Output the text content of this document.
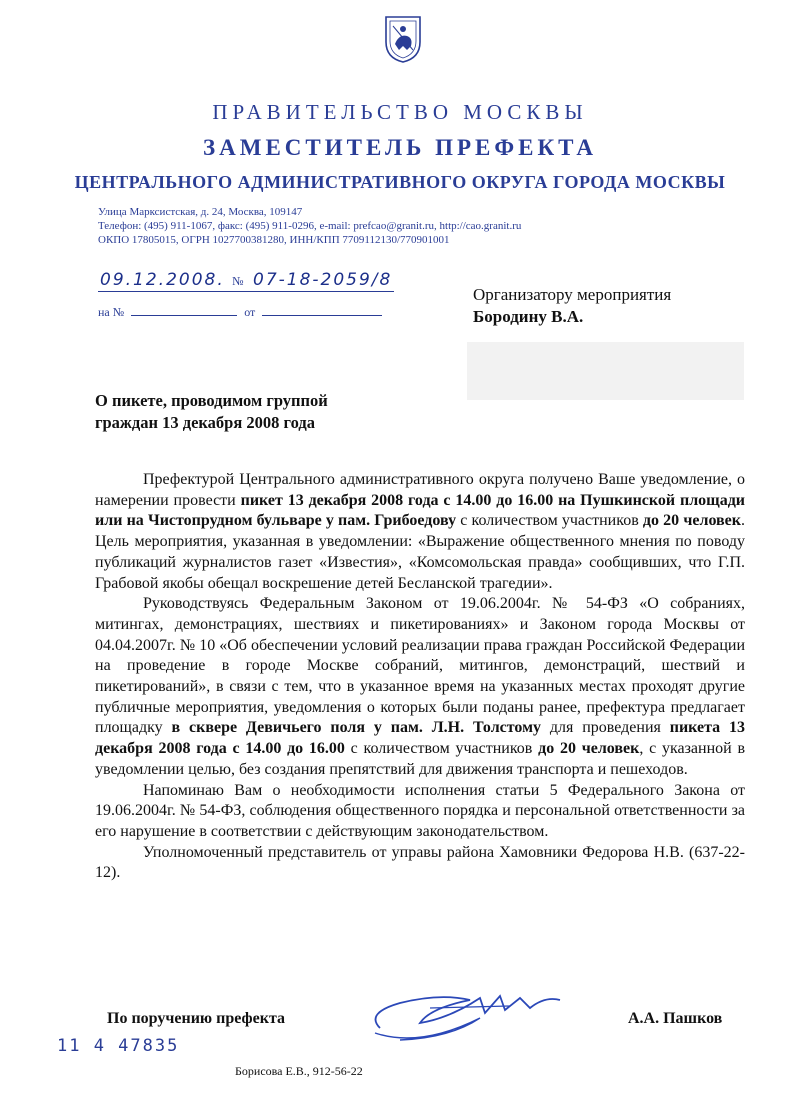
ПРАВИТЕЛЬСТВО МОСКВЫ
ЗАМЕСТИТЕЛЬ ПРЕФЕКТА
ЦЕНТРАЛЬНОГО АДМИНИСТРАТИВНОГО ОКРУГА ГОРОДА МОСКВЫ
Улица Марксистская, д. 24, Москва, 109147
Телефон: (495) 911-1067, факс: (495) 911-0296, e-mail: prefcao@granit.ru, http://cao.granit.ru
ОКПО 17805015, ОГРН 1027700381280, ИНН/КПП 7709112130/770901001
09.12.2008. № 07-18-2059/8
на №	от
Организатору мероприятия
Бородину В.А.
О пикете, проводимом группой
граждан 13 декабря 2008 года

Префектурой Центрального административного округа получено Ваше уведомление, о намерении провести пикет 13 декабря 2008 года с 14.00 до 16.00 на Пушкинской площади или на Чистопрудном бульваре у пам. Грибоедову с количеством участников до 20 человек. Цель мероприятия, указанная в уведомлении: «Выражение общественного мнения по поводу публикаций журналистов газет «Известия», «Комсомольская правда» сообщивших, что Г.П. Грабовой якобы обещал воскрешение детей Бесланской трагедии».

Руководствуясь Федеральным Законом от 19.06.2004г. № 54-ФЗ «О собраниях, митингах, демонстрациях, шествиях и пикетированиях» и Законом города Москвы от 04.04.2007г. № 10 «Об обеспечении условий реализации права граждан Российской Федерации на проведение в городе Москве собраний, митингов, демонстраций, шествий и пикетирований», в связи с тем, что в указанное время на указанных местах проходят другие публичные мероприятия, уведомления о которых были поданы ранее, префектура предлагает площадку в сквере Девичьего поля у пам. Л.Н. Толстому для проведения пикета 13 декабря 2008 года с 14.00 до 16.00 с количеством участников до 20 человек, с указанной в уведомлении целью, без создания препятствий для движения транспорта и пешеходов.

Напоминаю Вам о необходимости исполнения статьи 5 Федерального Закона от 19.06.2004г. № 54-ФЗ, соблюдения общественного порядка и персональной ответственности за его нарушение в соответствии с действующим законодательством.

Уполномоченный представитель от управы района Хамовники Федорова Н.В. (637-22-12).

По поручению префекта	А.А. Пашков
11 4 47835
Борисова Е.В., 912-56-22
